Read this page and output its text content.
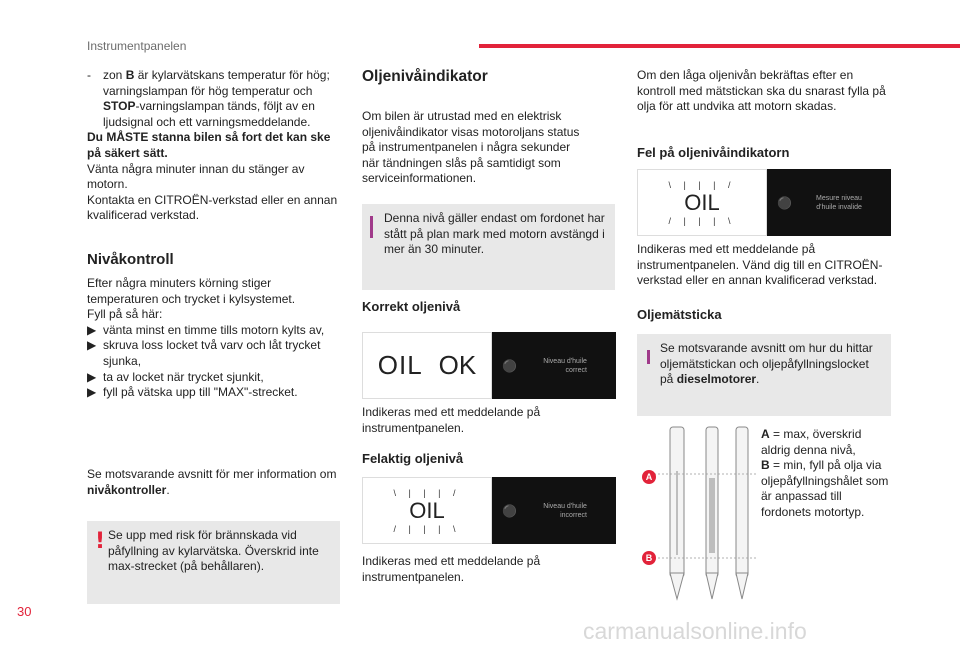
Instrumentpanelen
- zon B är kylarvätskans temperatur för hög; varningslampan för hög temperatur och STOP-varningslampan tänds, följt av en ljudsignal och ett varningsmeddelande.

Du MÅSTE stanna bilen så fort det kan ske på säkert sätt.

Vänta några minuter innan du stänger av motorn.

Kontakta en CITROËN-verkstad eller en annan kvalificerad verkstad.

Nivåkontroll

Efter några minuters körning stiger temperaturen och trycket i kylsystemet.

Fyll på så här:

▶ vänta minst en timme tills motorn kylts av,
▶ skruva loss locket två varv och låt trycket sjunka,
▶ ta av locket när trycket sjunkit,
▶ fyll på vätska upp till "MAX"-strecket.
Se motsvarande avsnitt för mer information om nivåkontroller.
! Se upp med risk för brännskada vid påfyllning av kylarvätska. Överskrid inte max-strecket (på behållaren).
Oljenivåindikator
Om bilen är utrustad med en elektrisk oljenivåindikator visas motoroljans status på instrumentpanelen i några sekunder när tändningen slås på samtidigt som serviceinformationen.
Denna nivå gäller endast om fordonet har stått på plan mark med motorn avstängd i mer än 30 minuter.
Korrekt oljenivå
OIL OK ⚫	Niveau d'huile correct
Indikeras med ett meddelande på instrumentpanelen.
Felaktig oljenivå
\ | | | /
OIL
/ | | | \
⚫	Niveau d'huile incorrect
Indikeras med ett meddelande på instrumentpanelen.
Om den låga oljenivån bekräftas efter en kontroll med mätstickan ska du snarast fylla på olja för att undvika att motorn skadas.
Fel på oljenivåindikatorn
\ | | | /
OIL
/ | | | \
⚫	Mesure niveau d'huile invalide
Indikeras med ett meddelande på instrumentpanelen. Vänd dig till en CITROËN-verkstad eller en annan kvalificerad verkstad.
Oljemätsticka
Se motsvarande avsnitt om hur du hittar oljemätstickan och oljepåfyllningslocket på dieselmotorer.
A
B
A = max, överskrid aldrig denna nivå,
B = min, fyll på olja via oljepåfyllningshålet som är anpassad till fordonets motortyp.
30
carmanualsonline.info
